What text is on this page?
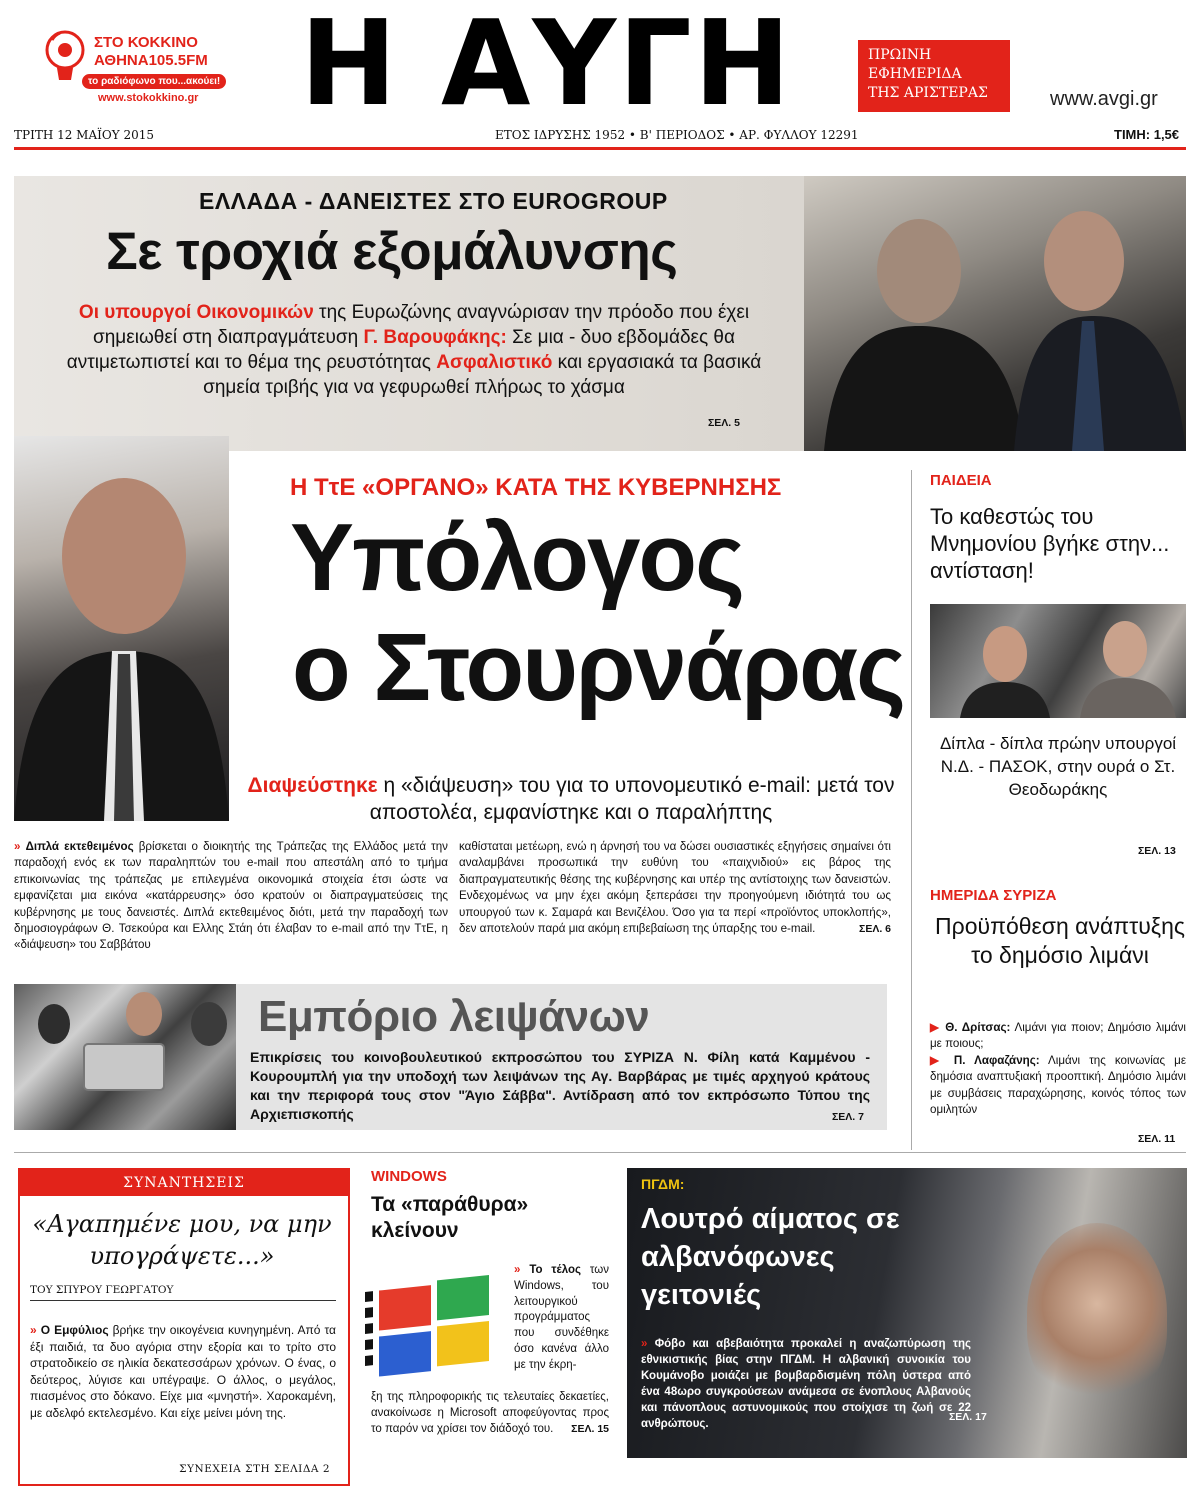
ΣΤΟ ΚΟΚΚΙΝΟ
ΑΘΗΝΑ105.5FM
το ραδιόφωνο που...ακούει!
www.stokokkino.gr Η ΑΥΓΗ	ΠΡΩΙΝΗ
ΕΦΗΜΕΡΙΔΑ
ΤΗΣ ΑΡΙΣΤΕΡΑΣ	www.avgi.gr
ΤΡΙΤΗ 12 ΜΑΪΟΥ 2015	ΕΤΟΣ ΙΔΡΥΣΗΣ 1952 • Β' ΠΕΡΙΟΔΟΣ • ΑΡ. ΦΥΛΛΟΥ 12291	ΤΙΜΗ: 1,5€
ΕΛΛΑΔΑ - ΔΑΝΕΙΣΤΕΣ ΣΤΟ EUROGROUP
Σε τροχιά εξομάλυνσης
Οι υπουργοί Οικονομικών της Ευρωζώνης αναγνώρισαν την πρόοδο που έχει σημειωθεί στη διαπραγμάτευση Γ. Βαρουφάκης: Σε μια - δυο εβδομάδες θα αντιμετωπιστεί και το θέμα της ρευστότητας Ασφαλιστικό και εργασιακά τα βασικά σημεία τριβής για να γεφυρωθεί πλήρως το χάσμα
ΣΕΛ. 5
Η ΤτΕ «ΟΡΓΑΝΟ» ΚΑΤΑ ΤΗΣ ΚΥΒΕΡΝΗΣΗΣ
Υπόλογος
ο Στουρνάρας
Διαψεύστηκε η «διάψευση» του για το υπονομευτικό e-mail: μετά τον αποστολέα, εμφανίστηκε και ο παραλήπτης
» Διπλά εκτεθειμένος βρίσκεται ο διοικητής της Τράπεζας της Ελλάδος μετά την παραδοχή ενός εκ των παραληπτών του e-mail που απεστάλη από το τμήμα επικοινωνίας της τράπεζας με επιλεγμένα οικονομικά στοιχεία έτσι ώστε να εμφανίζεται μια εικόνα «κατάρρευσης» όσο κρατούν οι διαπραγματεύσεις της κυβέρνησης με τους δανειστές. Διπλά εκτεθειμένος διότι, μετά την παραδοχή των δημοσιογράφων Θ. Τσεκούρα και Ελλης Στάη ότι έλαβαν το e-mail από την ΤτΕ, η «διάψευση» του Σαββάτου
καθίσταται μετέωρη, ενώ η άρνησή του να δώσει ουσιαστικές εξηγήσεις σημαίνει ότι αναλαμβάνει προσωπικά την ευθύνη του «παιχνιδιού» εις βάρος της διαπραγματευτικής θέσης της κυβέρνησης και υπέρ της αντίστοιχης των δανειστών. Ενδεχομένως να μην έχει ακόμη ξεπεράσει την προηγούμενη ιδιότητά του ως υπουργού των κ. Σαμαρά και Βενιζέλου. Όσο για τα περί «προϊόντος υποκλοπής», δεν αποτελούν παρά μια ακόμη επιβεβαίωση της ύπαρξης του e-mail.	ΣΕΛ. 6
ΠΑΙΔΕΙΑ
Το καθεστώς του Μνημονίου βγήκε στην... αντίσταση!
Δίπλα - δίπλα πρώην υπουργοί Ν.Δ. - ΠΑΣΟΚ, στην ουρά ο Στ. Θεοδωράκης
ΣΕΛ. 13
ΗΜΕΡΙΔΑ ΣΥΡΙΖΑ
Προϋπόθεση ανάπτυξης το δημόσιο λιμάνι
▶ Θ. Δρίτσας: Λιμάνι για ποιον; Δημόσιο λιμάνι με ποιους;
▶ Π. Λαφαζάνης: Λιμάνι της κοινωνίας με δημόσια αναπτυξιακή προοπτική. Δημόσιο λιμάνι με συμβάσεις παραχώρησης, κοινός τόπος των ομιλητών
ΣΕΛ. 11
Εμπόριο λειψάνων
Επικρίσεις του κοινοβουλευτικού εκπροσώπου του ΣΥΡΙΖΑ Ν. Φίλη κατά Καμμένου - Κουρουμπλή για την υποδοχή των λειψάνων της Αγ. Βαρβάρας με τιμές αρχηγού κράτους και την περιφορά τους στον "Άγιο Σάββα". Αντίδραση από τον εκπρόσωπο Τύπου της Αρχιεπισκοπής	ΣΕΛ. 7
ΣΥΝΑΝΤΗΣΕΙΣ
«Αγαπημένε μου, να μην υπογράψετε...»
ΤΟΥ ΣΠΥΡΟΥ ΓΕΩΡΓΑΤΟΥ
» Ο Εμφύλιος βρήκε την οικογένεια κυνηγημένη. Από τα έξι παιδιά, τα δυο αγόρια στην εξορία και το τρίτο στο στρατοδικείο σε ηλικία δεκατεσσάρων χρόνων. Ο ένας, ο δεύτερος, λύγισε και υπέγραψε. Ο άλλος, ο μεγάλος, πιασμένος στο δόκανο. Είχε μια «μνηστή». Χαροκαμένη, με αδελφό εκτελεσμένο. Και είχε μείνει μόνη της.
ΣΥΝΕΧΕΙΑ ΣΤΗ ΣΕΛΙΔΑ 2
WINDOWS
Τα «παράθυρα» κλείνουν
» Το τέλος των Windows, του λειτουργικού προγράμματος που συνδέθηκε όσο κανένα άλλο με την έκρη-
ξη της πληροφορικής τις τελευταίες δεκαετίες, ανακοίνωσε η Microsoft αποφεύγοντας προς το παρόν να χρίσει τον διάδοχό του. ΣΕΛ. 15
ΠΓΔΜ:
Λουτρό αίματος σε αλβανόφωνες γειτονιές
» Φόβο και αβεβαιότητα προκαλεί η αναζωπύρωση της εθνικιστικής βίας στην ΠΓΔΜ. Η αλβανική συνοικία του Κουμάνοβο μοιάζει με βομβαρδισμένη πόλη ύστερα από ένα 48ωρο συγκρούσεων ανάμεσα σε ένοπλους Αλβανούς και πάνοπλους αστυνομικούς που στοίχισε τη ζωή σε 22 ανθρώπους.
ΣΕΛ. 17
